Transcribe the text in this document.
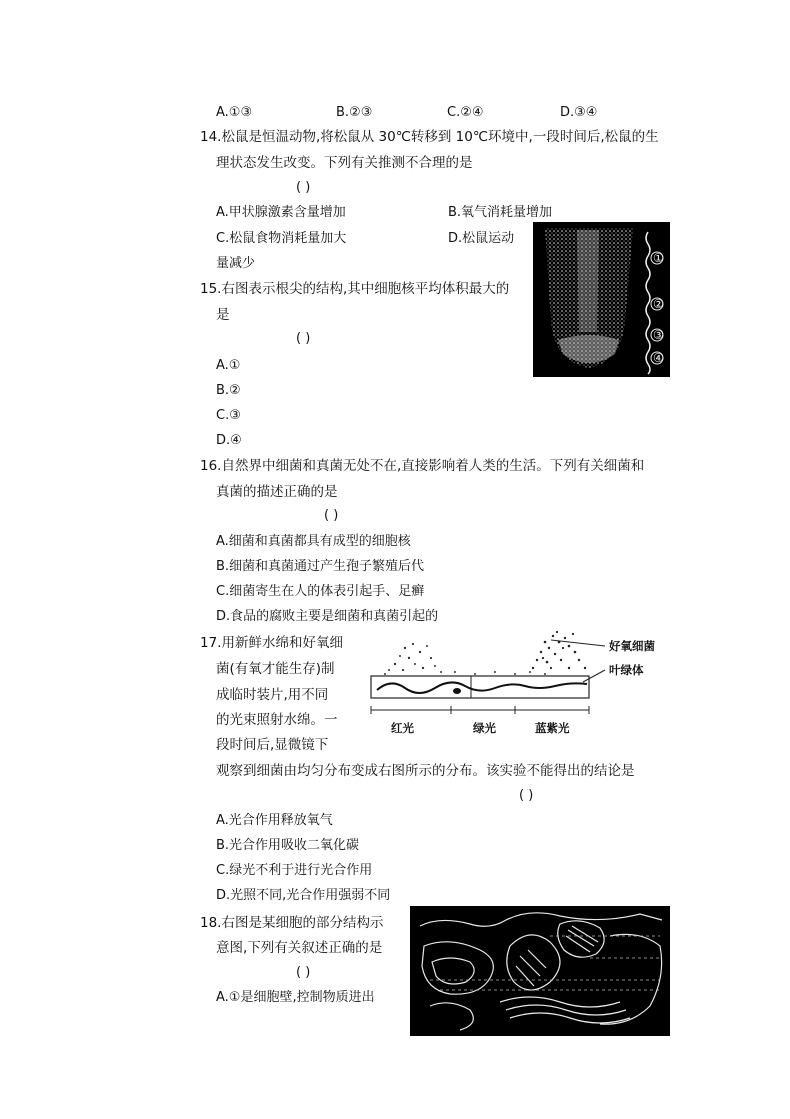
A.①③	B.②③	C.②④	D.③④
14.松鼠是恒温动物,将松鼠从 30℃转移到 10℃环境中,一段时间后,松鼠的生
理状态发生改变。下列有关推测不合理的是
( )
A.甲状腺激素含量增加	B.氧气消耗量增加
C.松鼠食物消耗量加大	D.松鼠运动
量减少	①
②
③
④
15.右图表示根尖的结构,其中细胞核平均体积最大的
是
( )
A.①
B.②
C.③
D.④
16.自然界中细菌和真菌无处不在,直接影响着人类的生活。下列有关细菌和
真菌的描述正确的是
( )
A.细菌和真菌都具有成型的细胞核
B.细菌和真菌通过产生孢子繁殖后代
C.细菌寄生在人的体表引起手、足癣
D.食品的腐败主要是细菌和真菌引起的
17.用新鲜水绵和好氧细
菌(有氧才能生存)制
成临时装片,用不同
的光束照射水绵。一
段时间后,显微镜下
观察到细菌由均匀分布变成右图所示的分布。该实验不能得出的结论是
( )
A.光合作用释放氧气
B.光合作用吸收二氧化碳
C.绿光不利于进行光合作用
D.光照不同,光合作用强弱不同
好氧细菌
叶绿体
红光	绿光	蓝紫光
18.右图是某细胞的部分结构示
意图,下列有关叙述正确的是
( )
A.①是细胞壁,控制物质进出
